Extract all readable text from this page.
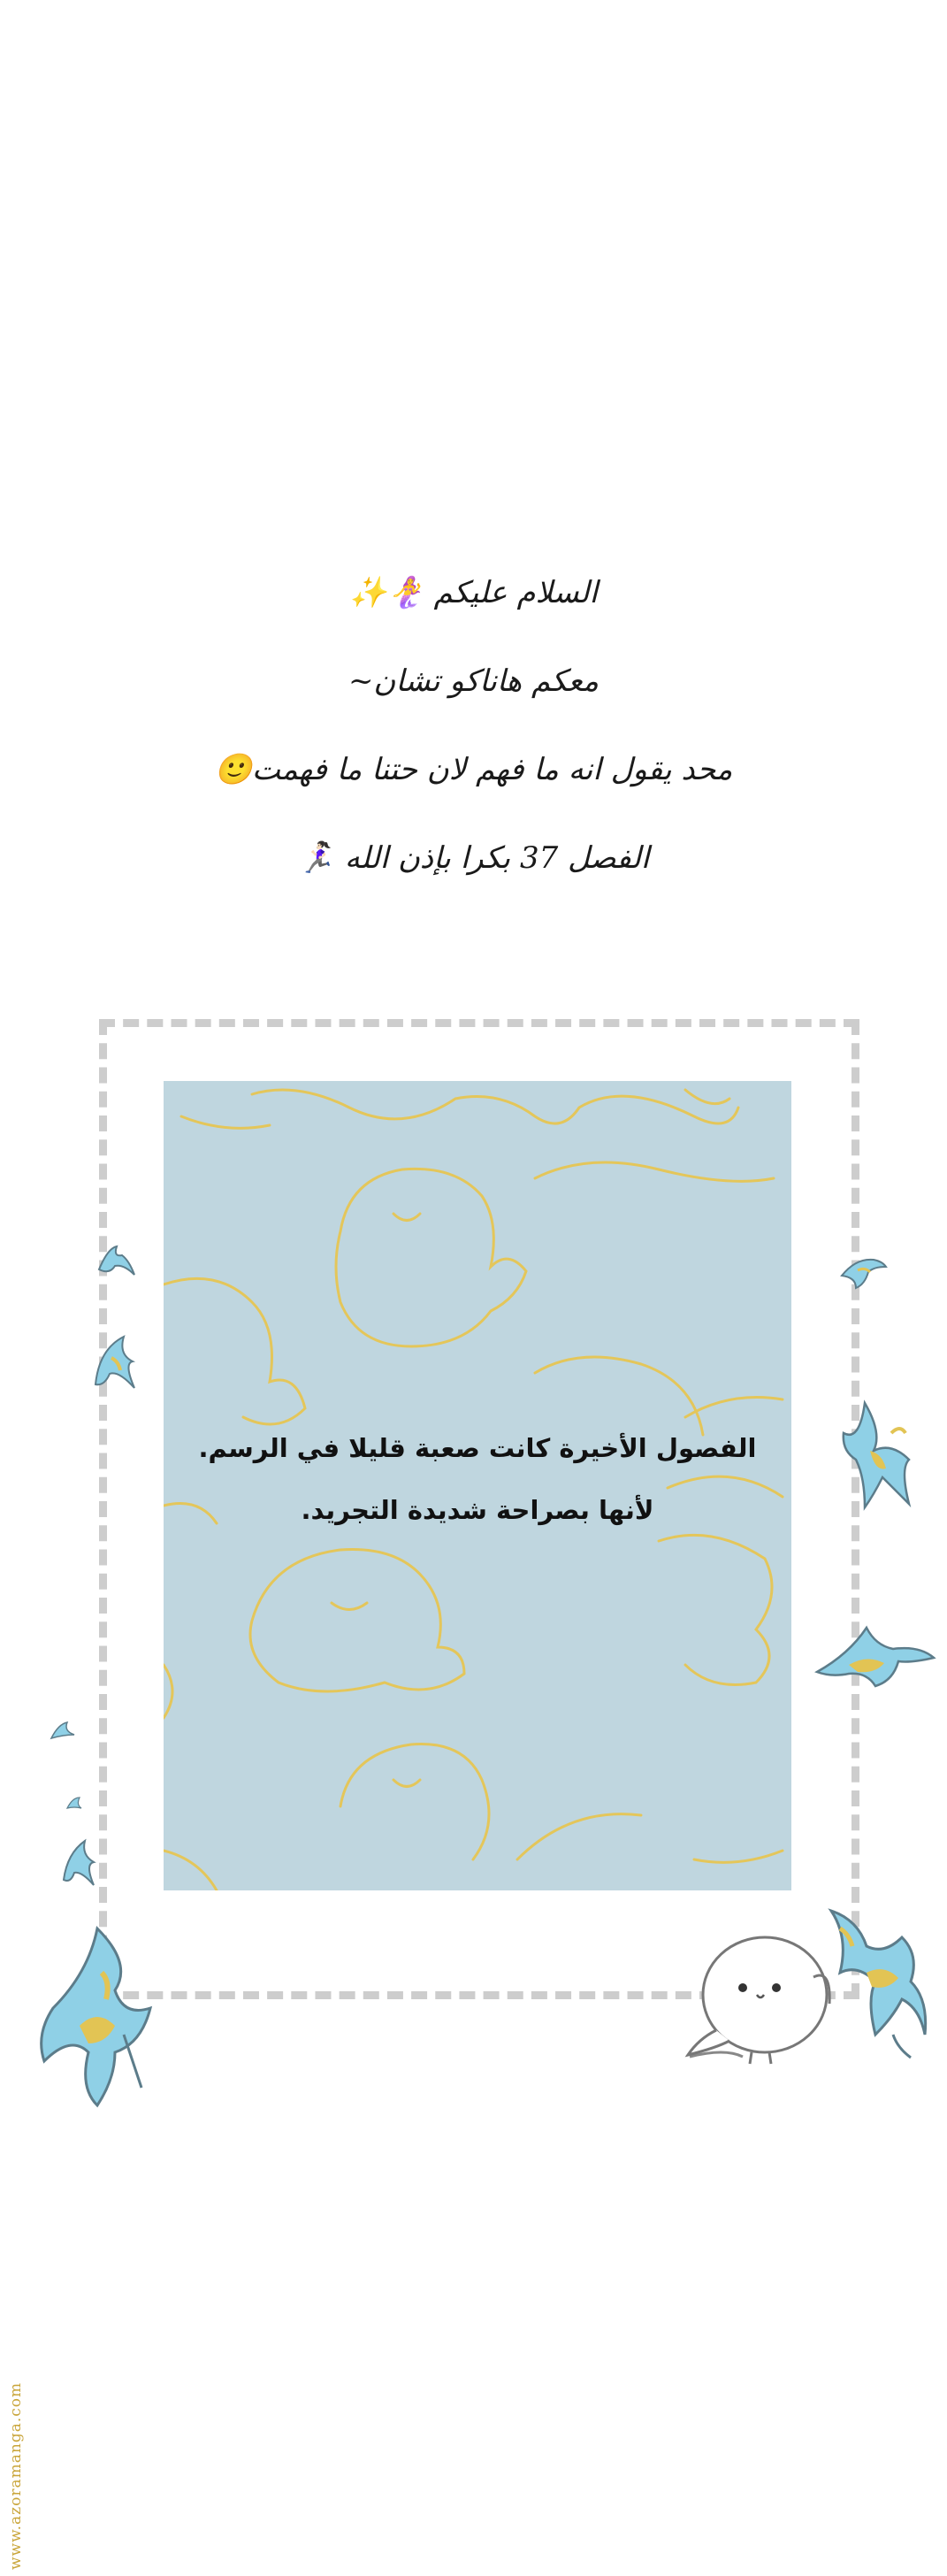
السلام عليكم 🧜‍♀️✨
معكم هاناكو تشان~
محد يقول انه ما فهم لان حتنا ما فهمت🙂
الفصل 37 بكرا بإذن الله 🏃🏻‍♀️
الفصول الأخيرة كانت صعبة قليلا في الرسم.
لأنها بصراحة شديدة التجريد.
www.azoramanga.com
